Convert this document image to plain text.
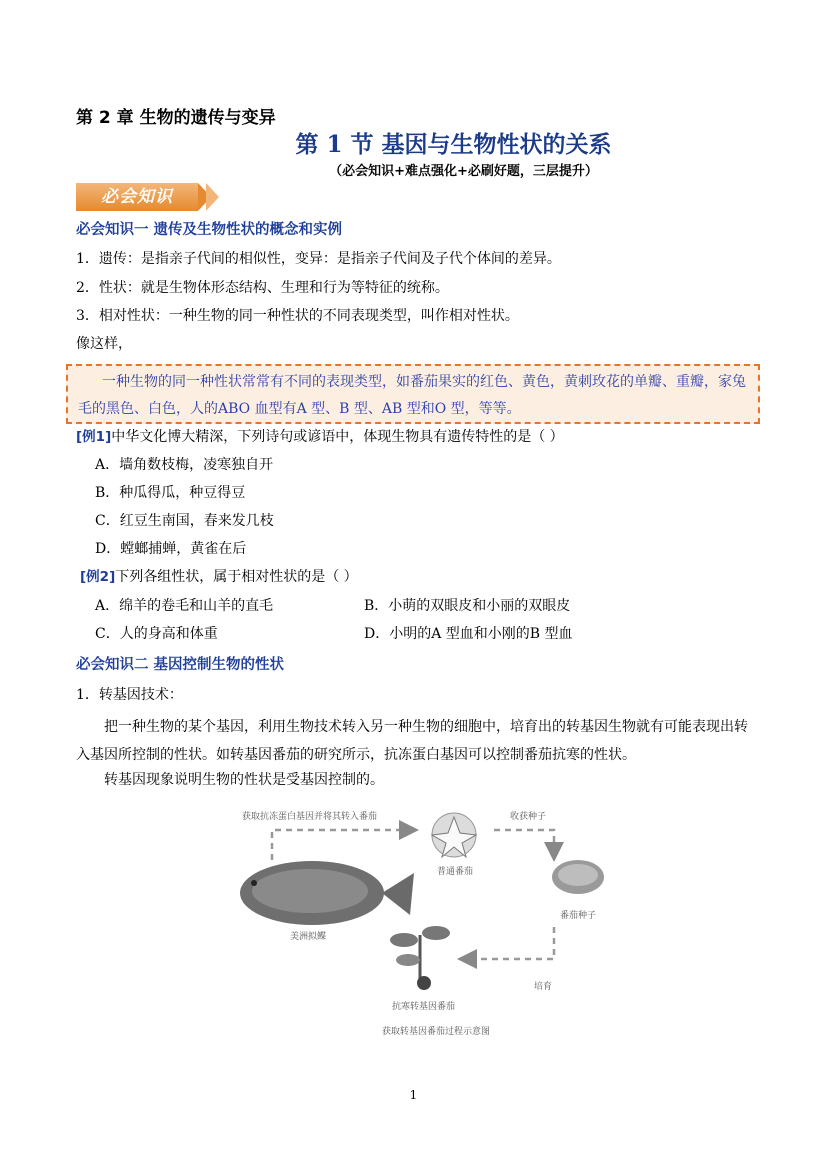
第 2 章 生物的遗传与变异
第 1 节 基因与生物性状的关系
（必会知识+难点强化+必刷好题，三层提升）
必会知识
必会知识一 遗传及生物性状的概念和实例
1．遗传：是指亲子代间的相似性，变异：是指亲子代间及子代个体间的差异。
2．性状：就是生物体形态结构、生理和行为等特征的统称。
3．相对性状：一种生物的同一种性状的不同表现类型，叫作相对性状。
像这样，
一种生物的同一种性状常常有不同的表现类型，如番茄果实的红色、黄色，黄刺玫花的单瓣、重瓣，家兔毛的黑色、白色，人的ABO 血型有A 型、B 型、AB 型和O 型，等等。
[例1]中华文化博大精深，下列诗句或谚语中，体现生物具有遗传特性的是（ ）
A．墙角数枝梅，凌寒独自开
B．种瓜得瓜，种豆得豆
C．红豆生南国，春来发几枝
D．螳螂捕蝉，黄雀在后
[例2]下列各组性状，属于相对性状的是（ ）
A．绵羊的卷毛和山羊的直毛	B．小萌的双眼皮和小丽的双眼皮
C．人的身高和体重	D．小明的A 型血和小刚的B 型血
必会知识二 基因控制生物的性状
1．转基因技术：
把一种生物的某个基因，利用生物技术转入另一种生物的细胞中，培育出的转基因生物就有可能表现出转入基因所控制的性状。如转基因番茄的研究所示，抗冻蛋白基因可以控制番茄抗寒的性状。
转基因现象说明生物的性状是受基因控制的。
获取抗冻蛋白基因并将其转入番茄	收获种子
普通番茄
美洲拟鲽
番茄种子
抗寒转基因番茄
培育
获取转基因番茄过程示意图
1
